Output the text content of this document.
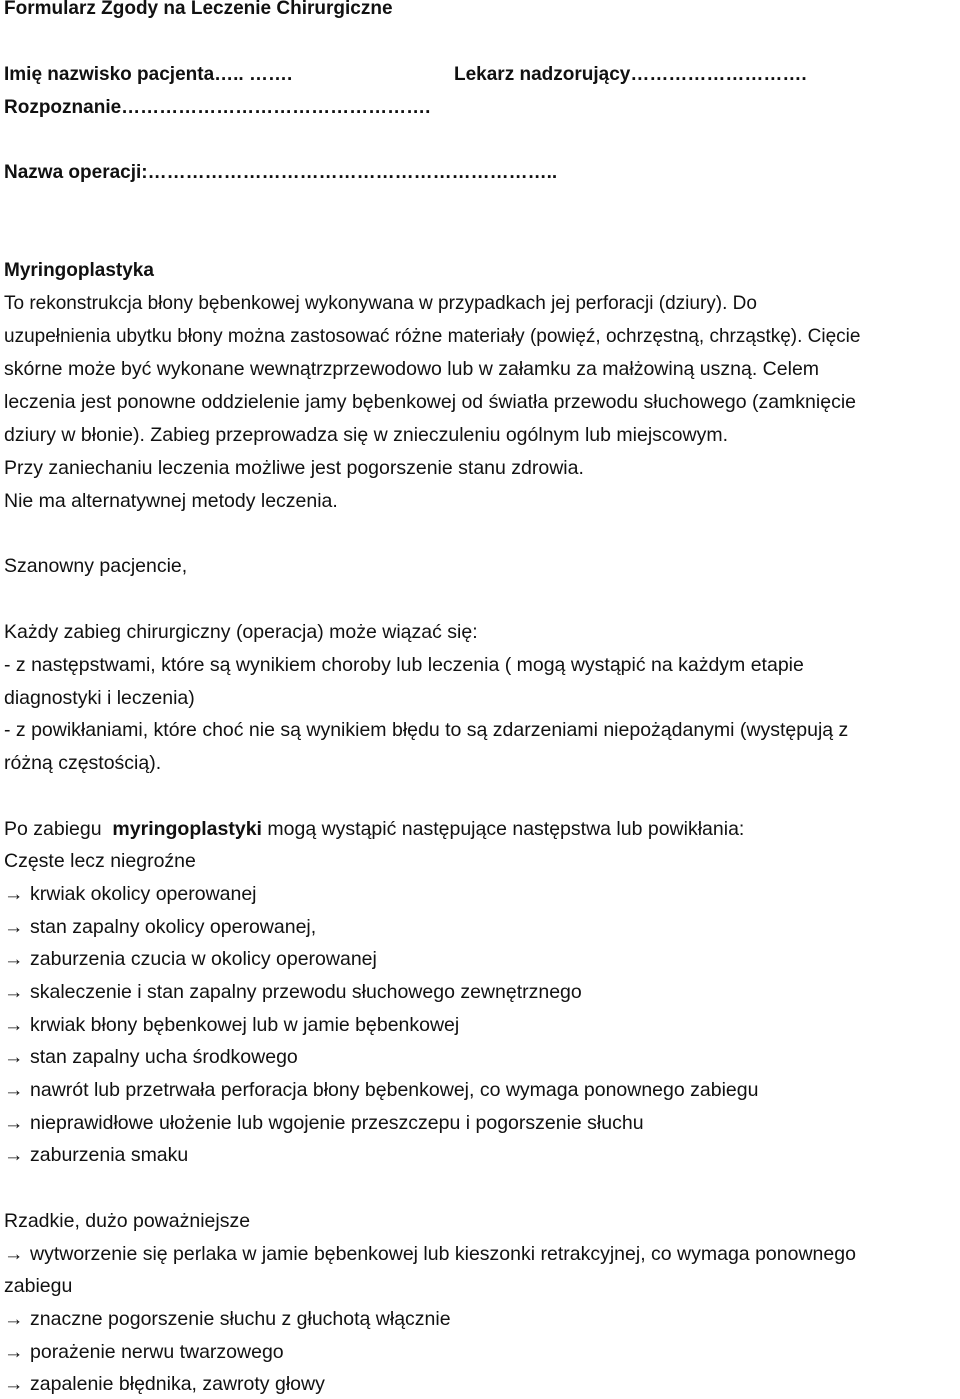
Formularz Zgody na Leczenie Chirurgiczne
Imię nazwisko pacjenta….. …….	Lekarz nadzorujący……………………….
Rozpoznanie………………………………………….
Nazwa operacji:………………………………………………………..
Myringoplastyka
To rekonstrukcja błony bębenkowej wykonywana w przypadkach jej perforacji (dziury). Do
uzupełnienia ubytku błony można zastosować różne materiały (powięź, ochrzęstną, chrząstkę). Cięcie
skórne może być wykonane wewnątrzprzewodowo lub w załamku za małżowiną uszną. Celem
leczenia jest ponowne oddzielenie jamy bębenkowej od światła przewodu słuchowego (zamknięcie
dziury w błonie). Zabieg przeprowadza się w znieczuleniu ogólnym lub miejscowym.
Przy zaniechaniu leczenia możliwe jest pogorszenie stanu zdrowia.
Nie ma alternatywnej metody leczenia.
Szanowny pacjencie,
Każdy zabieg chirurgiczny (operacja) może wiązać się:
- z następstwami, które są wynikiem choroby lub leczenia ( mogą wystąpić na każdym etapie
diagnostyki i leczenia)
- z powikłaniami, które choć nie są wynikiem błędu to są zdarzeniami niepożądanymi (występują z
różną częstością).
Po zabiegu myringoplastyki mogą wystąpić następujące następstwa lub powikłania:
Częste lecz niegroźne
→ krwiak okolicy operowanej
→ stan zapalny okolicy operowanej,
→ zaburzenia czucia w okolicy operowanej
→ skaleczenie i stan zapalny przewodu słuchowego zewnętrznego
→ krwiak błony bębenkowej lub w jamie bębenkowej
→ stan zapalny ucha środkowego
→ nawrót lub przetrwała perforacja błony bębenkowej, co wymaga ponownego zabiegu
→ nieprawidłowe ułożenie lub wgojenie przeszczepu i pogorszenie słuchu
→ zaburzenia smaku
Rzadkie, dużo poważniejsze
→ wytworzenie się perlaka w jamie bębenkowej lub kieszonki retrakcyjnej, co wymaga ponownego
zabiegu
→ znaczne pogorszenie słuchu z głuchotą włącznie
→ porażenie nerwu twarzowego
→ zapalenie błędnika, zawroty głowy
